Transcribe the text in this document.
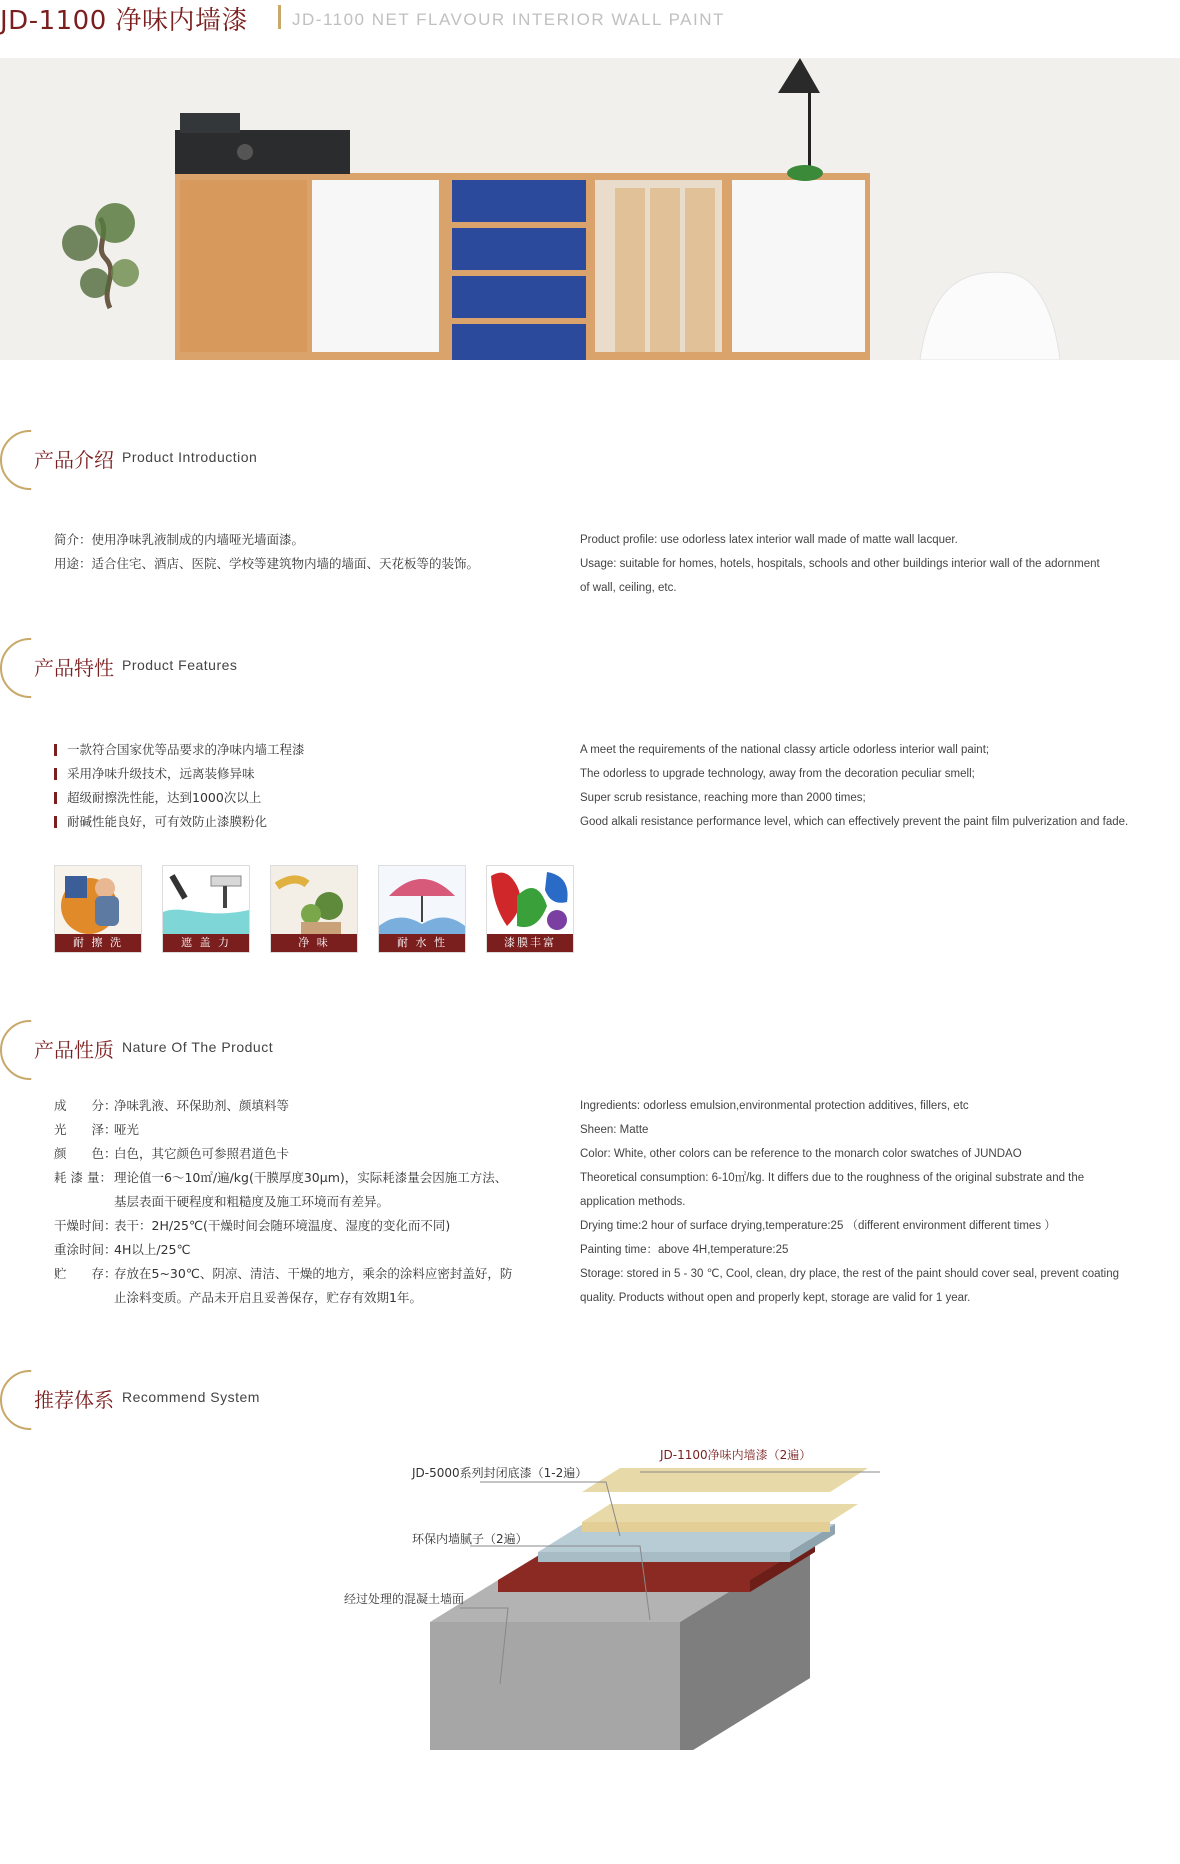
JD-1100 净味内墙漆	JD-1100 NET FLAVOUR INTERIOR WALL PAINT
产品介绍 Product Introduction

简介：使用净味乳液制成的内墙哑光墙面漆。

用途：适合住宅、酒店、医院、学校等建筑物内墙的墙面、天花板等的装饰。

Product profile: use odorless latex interior wall made of matte wall lacquer.

Usage: suitable for homes, hotels, hospitals, schools and other buildings interior wall of the adornment

of wall, ceiling, etc.

产品特性 Product Features

一款符合国家优等品要求的净味内墙工程漆

采用净味升级技术，远离装修异味

超级耐擦洗性能，达到1000次以上

耐碱性能良好，可有效防止漆膜粉化

A meet the requirements of the national classy article odorless interior wall paint;

The odorless to upgrade technology, away from the decoration peculiar smell;

Super scrub resistance, reaching more than 2000 times;

Good alkali resistance performance level, which can effectively prevent the paint film pulverization and fade.

耐 擦 洗	遮 盖 力	净 味	耐 水 性	漆膜丰富
产品性质 Nature Of The Product
成　　分：
净味乳液、环保助剂、颜填料等
光　　泽：
哑光
颜　　色：
白色，其它颜色可参照君道色卡
耗 漆 量： 理论值一6～10㎡/遍/kg(干膜厚度30μm)，实际耗漆量会因施工方法、
基层表面干硬程度和粗糙度及施工环境而有差异。
干燥时间：
表干：2H/25℃(干燥时间会随环境温度、湿度的变化而不同)
重涂时间：
4H以上/25℃
贮　　存：
存放在5~30℃、阴凉、清洁、干燥的地方，乘余的涂料应密封盖好，防
止涂料变质。产品未开启且妥善保存，贮存有效期1年。

Ingredients: odorless emulsion,environmental protection additives, fillers, etc

Sheen: Matte

Color: White, other colors can be reference to the monarch color swatches of JUNDAO

Theoretical consumption: 6-10㎡/kg. It differs due to the roughness of the original substrate and the

application methods.

Drying time:2 hour of surface drying,temperature:25 （different environment different times ）

Painting time：above 4H,temperature:25

Storage: stored in 5 - 30 ℃, Cool, clean, dry place, the rest of the paint should cover seal, prevent coating

quality. Products without open and properly kept, storage are valid for 1 year.

推荐体系 Recommend System
JD-1100净味内墙漆（2遍）
JD-5000系列封闭底漆（1-2遍）
环保内墙腻子（2遍）
经过处理的混凝土墙面
